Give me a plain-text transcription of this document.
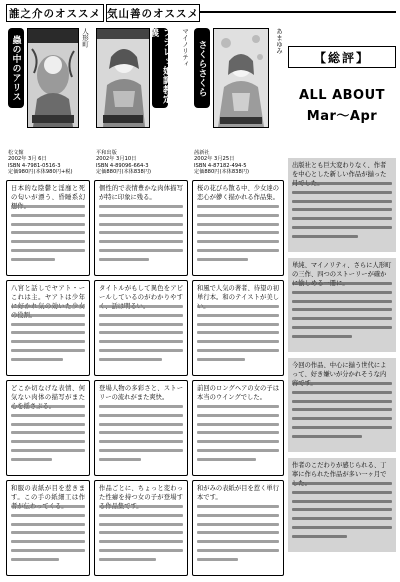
誰之介のオススメ 気山善のオススメ
蟲の中のアリス	人形町
松文館
2002年 3月 6日
ISBN 4-7981-0516-3
定価980円(本体980円+税)

日本的な陰鬱と淫靡と死の匂いが漂う、昏睡系幻

八宮と話しでヤアト・ーこれは主。ヤアトは少年

どこか切なげな表情、何気ない肉体の描写がまた

和服の表紙が目を惹きます。この手の紙細工は作

フラレッ娘調教定義	マイノリティ
平和出版
2002年 3月10日
ISBN 4-89096-664-3
定価880円(本体838円)

個性的で表情豊かな肉体描写が特に印象に残る。

タイトルがもして異色をアピールしているのがわかりやす

登場人物の多彩さと、ストーリーの流れがまた爽快。

作品ごとに、ちょっと変わった性癖を持つ女の子が登場す

さくらさくら	あまゆみ
茜新社
2002年 3月25日
ISBN 4-87182-494-5
定価880円(本体838円)

桜の花びら散る中、少女達の恋心が儚く描かれる作品集。

和風で人気の著者、待望の初単行本。和のテイストが美し

前回のロングヘアの女の子は本当のウイングでした。

和がみの表紙が目を惹く単行本です。

【 総評 】
ALL ABOUT
Mar～Apr

出版社とも巨大変わりなく、作者を中心とした新しい作品が揃った

単純、マイノリティ、さらに人形町の三作、四つのストーリーが確か

今回の作品、中心に揃う世代によって、好き嫌いが分かれそうな内

作者のこだわりが感じられる、丁寧に作られた作品が多い一ヶ月で
